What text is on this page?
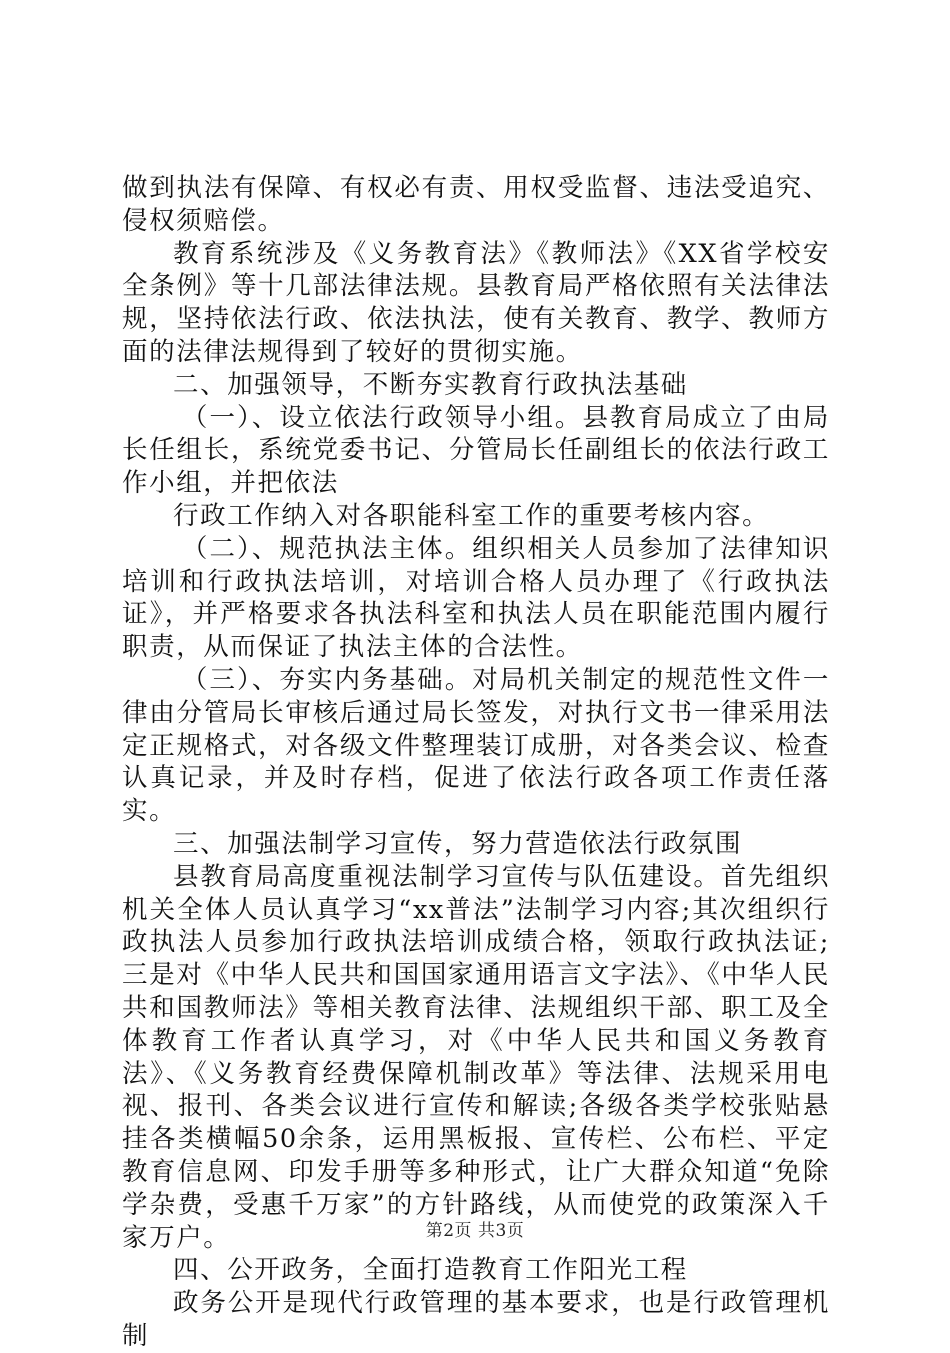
做到执法有保障、有权必有责、用权受监督、违法受追究、侵权须赔偿。

教育系统涉及《义务教育法》《教师法》《XX省学校安全条例》等十几部法律法规。县教育局严格依照有关法律法规，坚持依法行政、依法执法，使有关教育、教学、教师方面的法律法规得到了较好的贯彻实施。

二、加强领导，不断夯实教育行政执法基础

（一）、设立依法行政领导小组。县教育局成立了由局长任组长，系统党委书记、分管局长任副组长的依法行政工作小组，并把依法

行政工作纳入对各职能科室工作的重要考核内容。

（二）、规范执法主体。组织相关人员参加了法律知识培训和行政执法培训，对培训合格人员办理了《行政执法证》，并严格要求各执法科室和执法人员在职能范围内履行职责，从而保证了执法主体的合法性。

（三）、夯实内务基础。对局机关制定的规范性文件一律由分管局长审核后通过局长签发，对执行文书一律采用法定正规格式，对各级文件整理装订成册，对各类会议、检查认真记录，并及时存档，促进了依法行政各项工作责任落实。

三、加强法制学习宣传，努力营造依法行政氛围

县教育局高度重视法制学习宣传与队伍建设。首先组织机关全体人员认真学习“xx普法”法制学习内容;其次组织行政执法人员参加行政执法培训成绩合格，领取行政执法证;三是对《中华人民共和国国家通用语言文字法》、《中华人民共和国教师法》等相关教育法律、法规组织干部、职工及全体教育工作者认真学习，对《中华人民共和国义务教育法》、《义务教育经费保障机制改革》等法律、法规采用电视、报刊、各类会议进行宣传和解读;各级各类学校张贴悬挂各类横幅50余条，运用黑板报、宣传栏、公布栏、平定教育信息网、印发手册等多种形式，让广大群众知道“免除学杂费，受惠千万家”的方针路线，从而使党的政策深入千家万户。

四、公开政务，全面打造教育工作阳光工程

政务公开是现代行政管理的基本要求，也是行政管理机制

第2页 共3页
